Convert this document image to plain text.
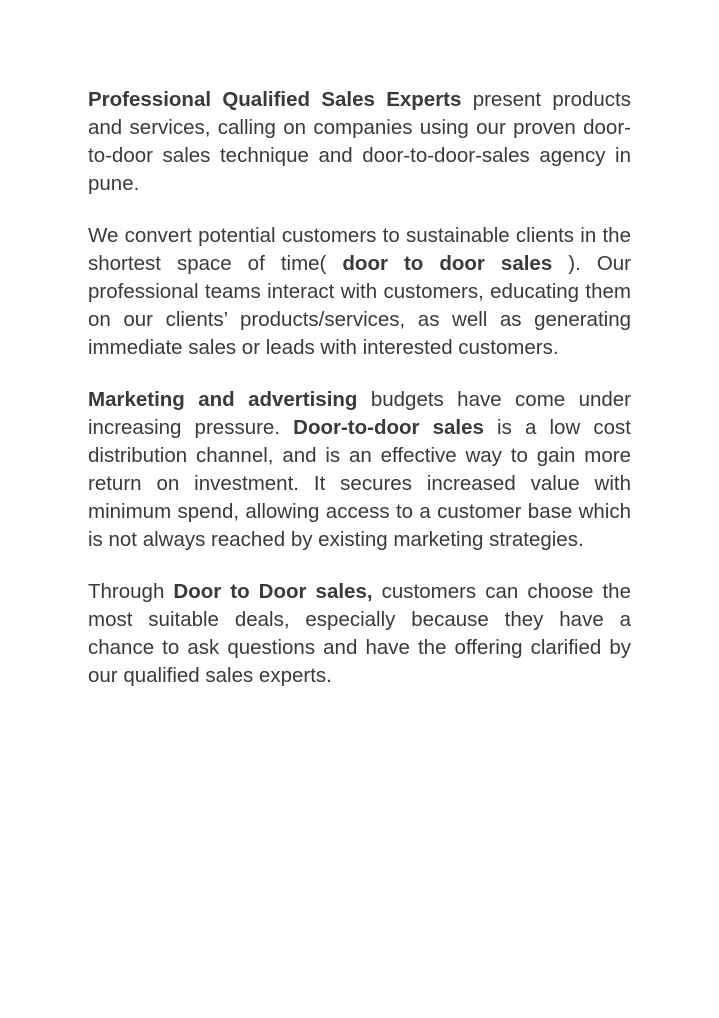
Professional Qualified Sales Experts present products and services, calling on companies using our proven door-to-door sales technique and door-to-door-sales agency in pune.

We convert potential customers to sustainable clients in the shortest space of time( door to door sales ). Our professional teams interact with customers, educating them on our clients’ products/services, as well as generating immediate sales or leads with interested customers.

Marketing and advertising budgets have come under increasing pressure. Door-to-door sales is a low cost distribution channel, and is an effective way to gain more return on investment. It secures increased value with minimum spend, allowing access to a customer base which is not always reached by existing marketing strategies.

Through Door to Door sales, customers can choose the most suitable deals, especially because they have a chance to ask questions and have the offering clarified by our qualified sales experts.
